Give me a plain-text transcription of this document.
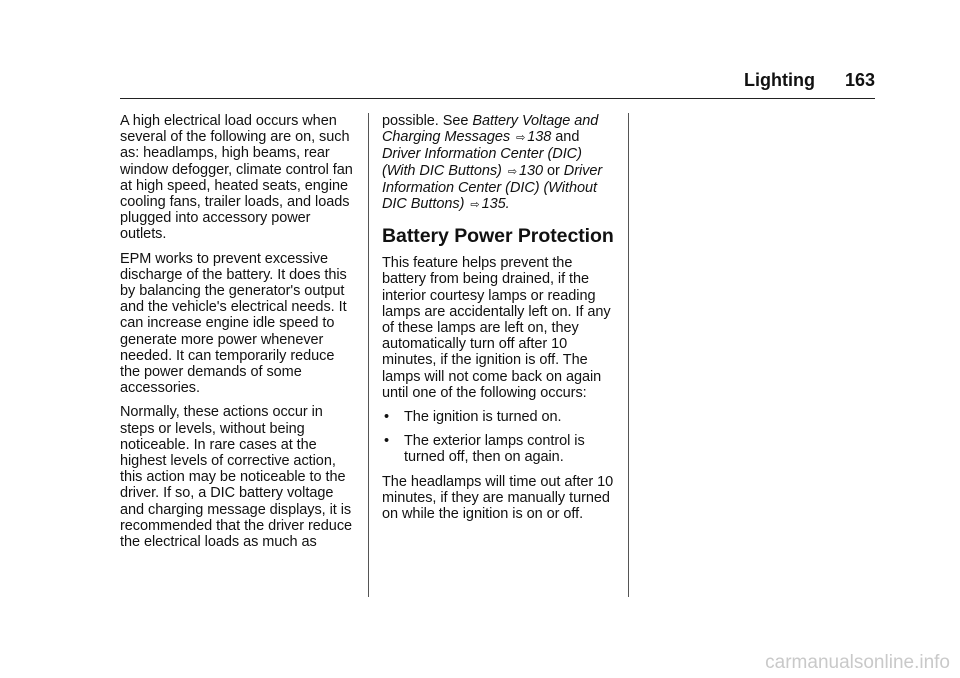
Lighting 163

A high electrical load occurs when several of the following are on, such as: headlamps, high beams, rear window defogger, climate control fan at high speed, heated seats, engine cooling fans, trailer loads, and loads plugged into accessory power outlets.

EPM works to prevent excessive discharge of the battery. It does this by balancing the generator's output and the vehicle's electrical needs. It can increase engine idle speed to generate more power whenever needed. It can temporarily reduce the power demands of some accessories.

Normally, these actions occur in steps or levels, without being noticeable. In rare cases at the highest levels of corrective action, this action may be noticeable to the driver. If so, a DIC battery voltage and charging message displays, it is recommended that the driver reduce the electrical loads as much as

possible. See Battery Voltage and Charging Messages ⇨ 138 and Driver Information Center (DIC) (With DIC Buttons) ⇨ 130 or Driver Information Center (DIC) (Without DIC Buttons) ⇨ 135.

Battery Power Protection

This feature helps prevent the battery from being drained, if the interior courtesy lamps or reading lamps are accidentally left on. If any of these lamps are left on, they automatically turn off after 10 minutes, if the ignition is off. The lamps will not come back on again until one of the following occurs:

•	The ignition is turned on.
•	The exterior lamps control is turned off, then on again.

The headlamps will time out after 10 minutes, if they are manually turned on while the ignition is on or off.

carmanualsonline.info
